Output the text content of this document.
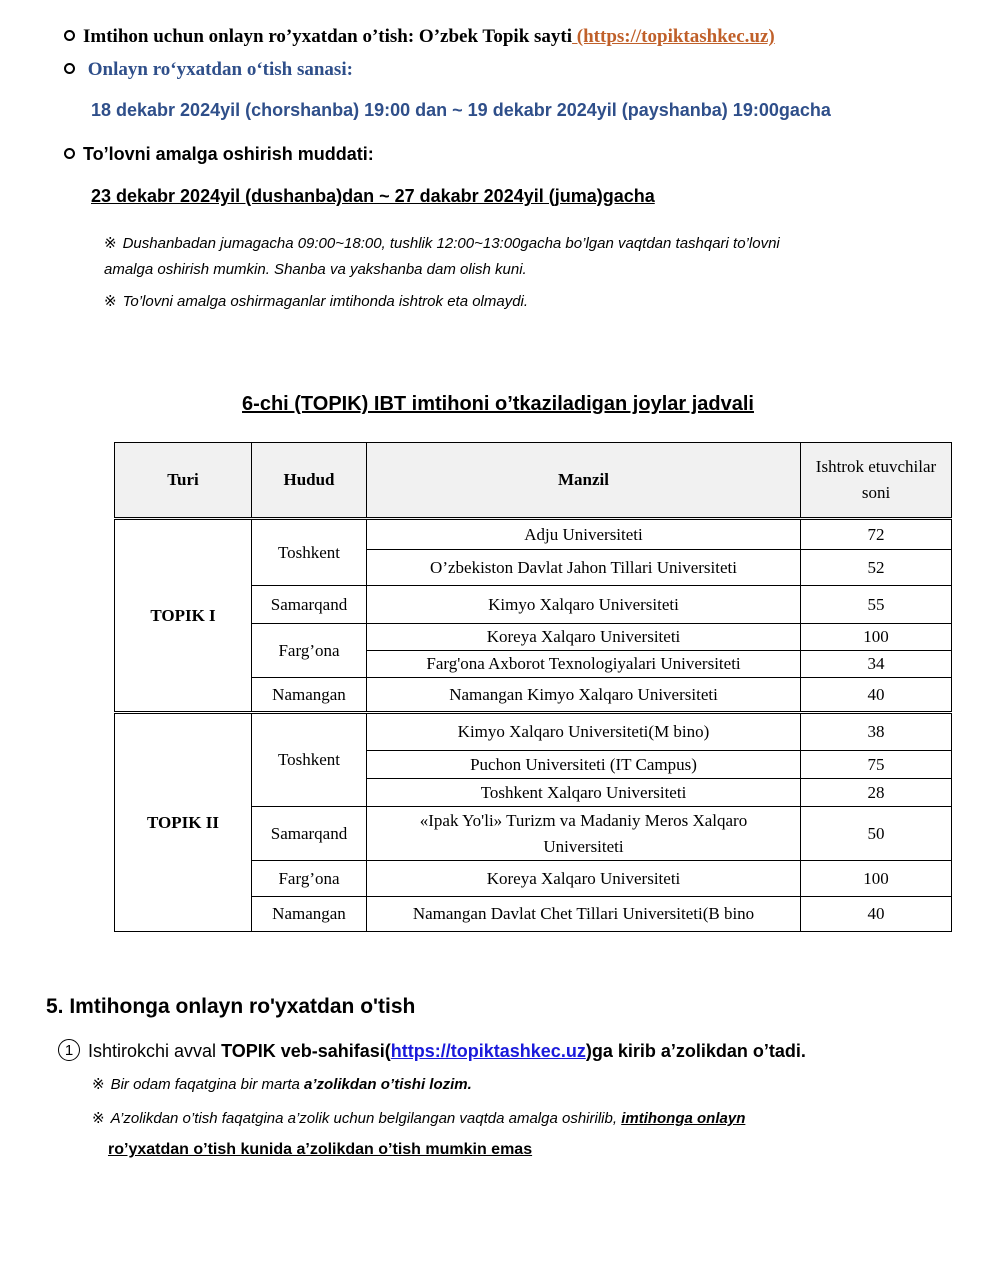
Imtihon uchun onlayn ro’yxatdan o’tish: O’zbek Topik sayti (https://topiktashkec.uz)
Onlayn ro‘yxatdan o‘tish sanasi:
18 dekabr 2024yil (chorshanba) 19:00 dan ~ 19 dekabr 2024yil (payshanba) 19:00gacha
To’lovni amalga oshirish muddati:
23 dekabr 2024yil (dushanba)dan ~ 27 dakabr 2024yil (juma)gacha
※ Dushanbadan jumagacha 09:00~18:00, tushlik 12:00~13:00gacha bo’lgan vaqtdan tashqari to’lovni
amalga oshirish mumkin. Shanba va yakshanba dam olish kuni.
※ To’lovni amalga oshirmaganlar imtihonda ishtrok eta olmaydi.
6-chi (TOPIK) IBT imtihoni o’tkaziladigan joylar jadvali
Turi	Hudud	Manzil	Ishtrok etuvchilar
soni

TOPIK I	Toshkent	Adju Universiteti	72
		O’zbekiston Davlat Jahon Tillari Universiteti	52
	Samarqand	Kimyo Xalqaro Universiteti	55
	Farg’ona	Koreya Xalqaro Universiteti	100
		Farg'ona Axborot Texnologiyalari Universiteti	34
	Namangan	Namangan Kimyo Xalqaro Universiteti	40
TOPIK II	Toshkent	Kimyo Xalqaro Universiteti(M bino)	38
		Puchon Universiteti (IT Campus)	75
		Toshkent Xalqaro Universiteti	28
	Samarqand	«Ipak Yo'li» Turizm va Madaniy Meros Xalqaro
Universiteti	50
	Farg’ona	Koreya Xalqaro Universiteti	100
	Namangan	Namangan Davlat Chet Tillari Universiteti(B bino	40
5. Imtihonga onlayn ro'yxatdan o'tish
1 Ishtirokchi avval TOPIK veb-sahifasi(https://topiktashkec.uz)ga kirib a’zolikdan o’tadi.
※ Bir odam faqatgina bir marta a’zolikdan o’tishi lozim.
※ A’zolikdan o’tish faqatgina a’zolik uchun belgilangan vaqtda amalga oshirilib, imtihonga onlayn
ro’yxatdan o’tish kunida a’zolikdan o’tish mumkin emas
